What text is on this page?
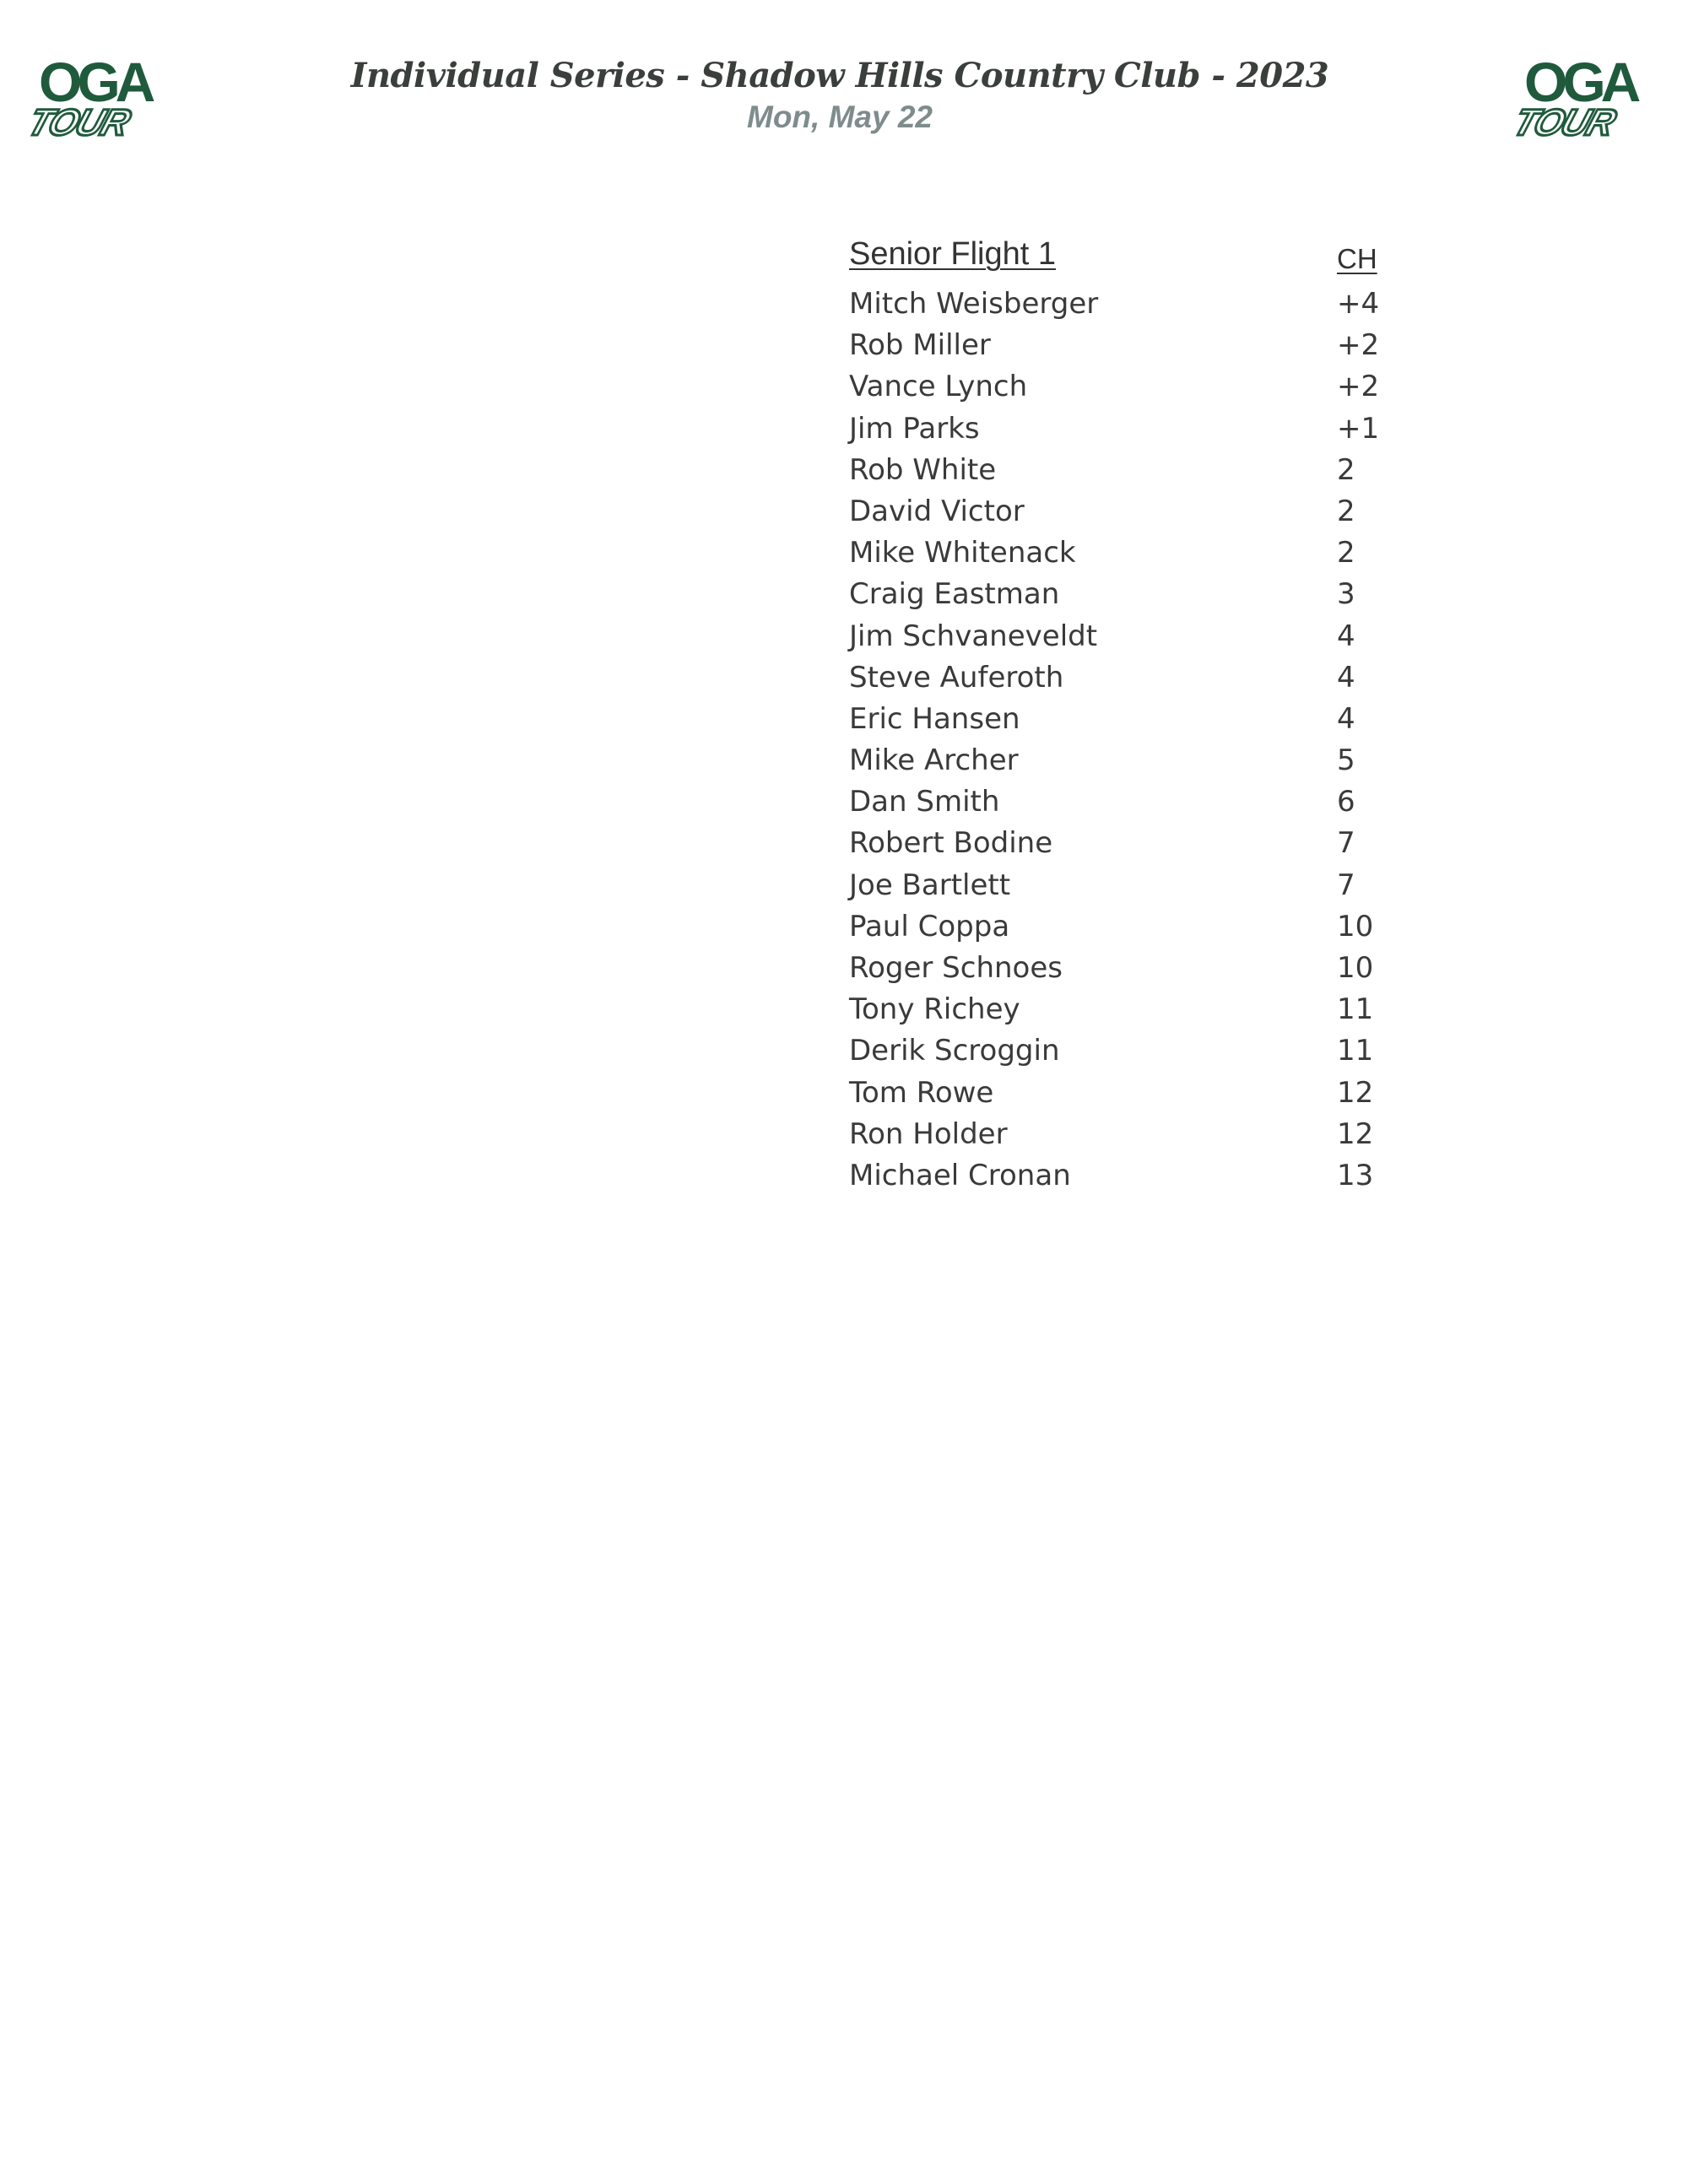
OGA
TOUR
OGA
TOUR
Individual Series - Shadow Hills Country Club - 2023
Mon, May 22
Senior Flight 1	CH
Mitch Weisberger	+4
Rob Miller	+2
Vance Lynch	+2
Jim Parks	+1
Rob White	2
David Victor	2
Mike Whitenack	2
Craig Eastman	3
Jim Schvaneveldt	4
Steve Auferoth	4
Eric Hansen	4
Mike Archer	5
Dan Smith	6
Robert Bodine	7
Joe Bartlett	7
Paul Coppa	10
Roger Schnoes	10
Tony Richey	11
Derik Scroggin	11
Tom Rowe	12
Ron Holder	12
Michael Cronan	13
